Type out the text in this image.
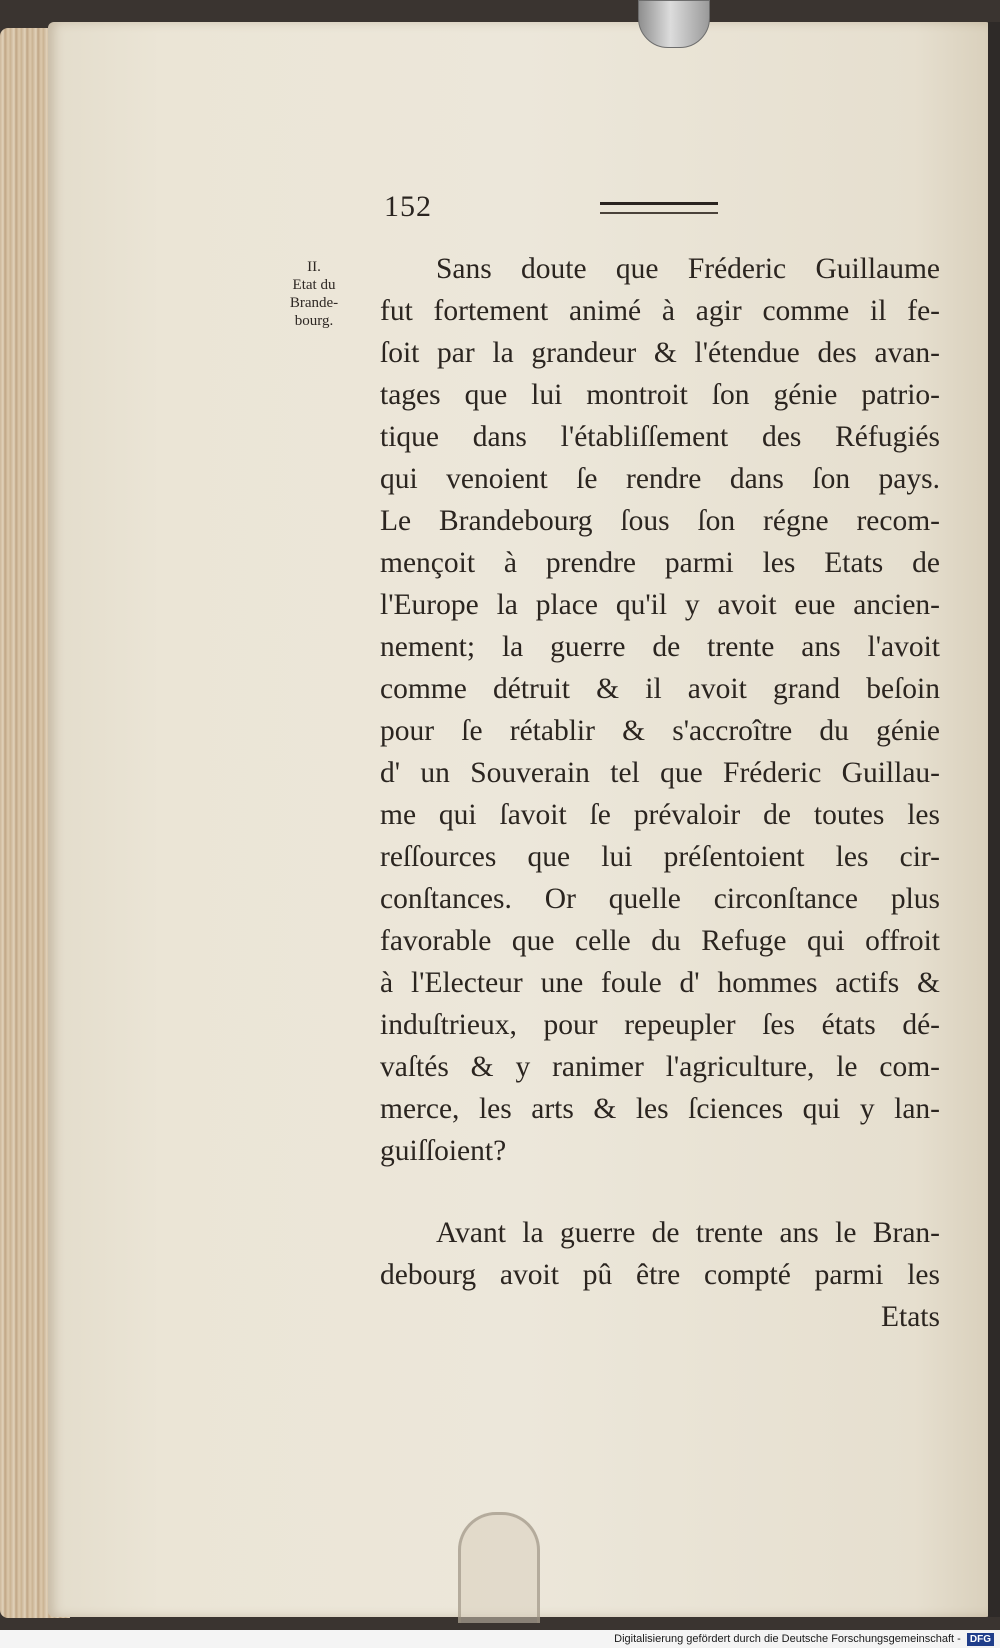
152

II.
Etat du
Brande-
bourg.
Sans doute que Fréderic Guillaume
fut fortement animé à agir comme il fe-
ſoit par la grandeur & l'étendue des avan-
tages que lui montroit ſon génie patrio-
tique dans l'établiſſement des Réfugiés
qui venoient ſe rendre dans ſon pays.
Le Brandebourg ſous ſon régne recom-
mençoit à prendre parmi les Etats de
l'Europe la place qu'il y avoit eue ancien-
nement; la guerre de trente ans l'avoit
comme détruit & il avoit grand beſoin
pour ſe rétablir & s'accroître du génie
d' un Souverain tel que Fréderic Guillau-
me qui ſavoit ſe prévaloir de toutes les
reſſources que lui préſentoient les cir-
conſtances. Or quelle circonſtance plus
favorable que celle du Refuge qui offroit
à l'Electeur une foule d' hommes actifs &
induſtrieux, pour repeupler ſes états dé-
vaſtés & y ranimer l'agriculture, le com-
merce, les arts & les ſciences qui y lan-
guiſſoient?
Avant la guerre de trente ans le Bran-
debourg avoit pû être compté parmi les
Etats
Digitalisierung gefördert durch die Deutsche Forschungsgemeinschaft - DFG
